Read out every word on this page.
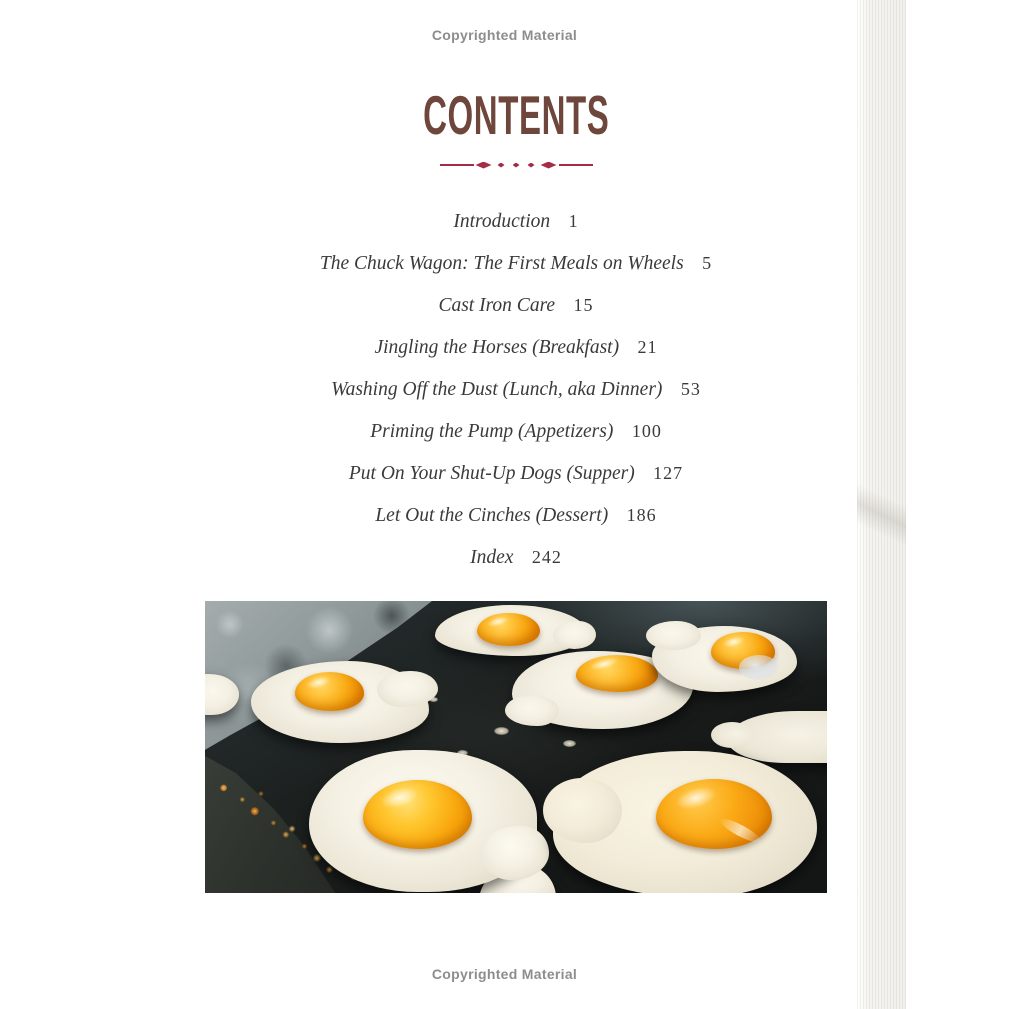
Copyrighted Material
CONTENTS
Introduction 1
The Chuck Wagon: The First Meals on Wheels 5
Cast Iron Care 15
Jingling the Horses (Breakfast) 21
Washing Off the Dust (Lunch, aka Dinner) 53
Priming the Pump (Appetizers) 100
Put On Your Shut-Up Dogs (Supper) 127
Let Out the Cinches (Dessert) 186
Index 242
Copyrighted Material
